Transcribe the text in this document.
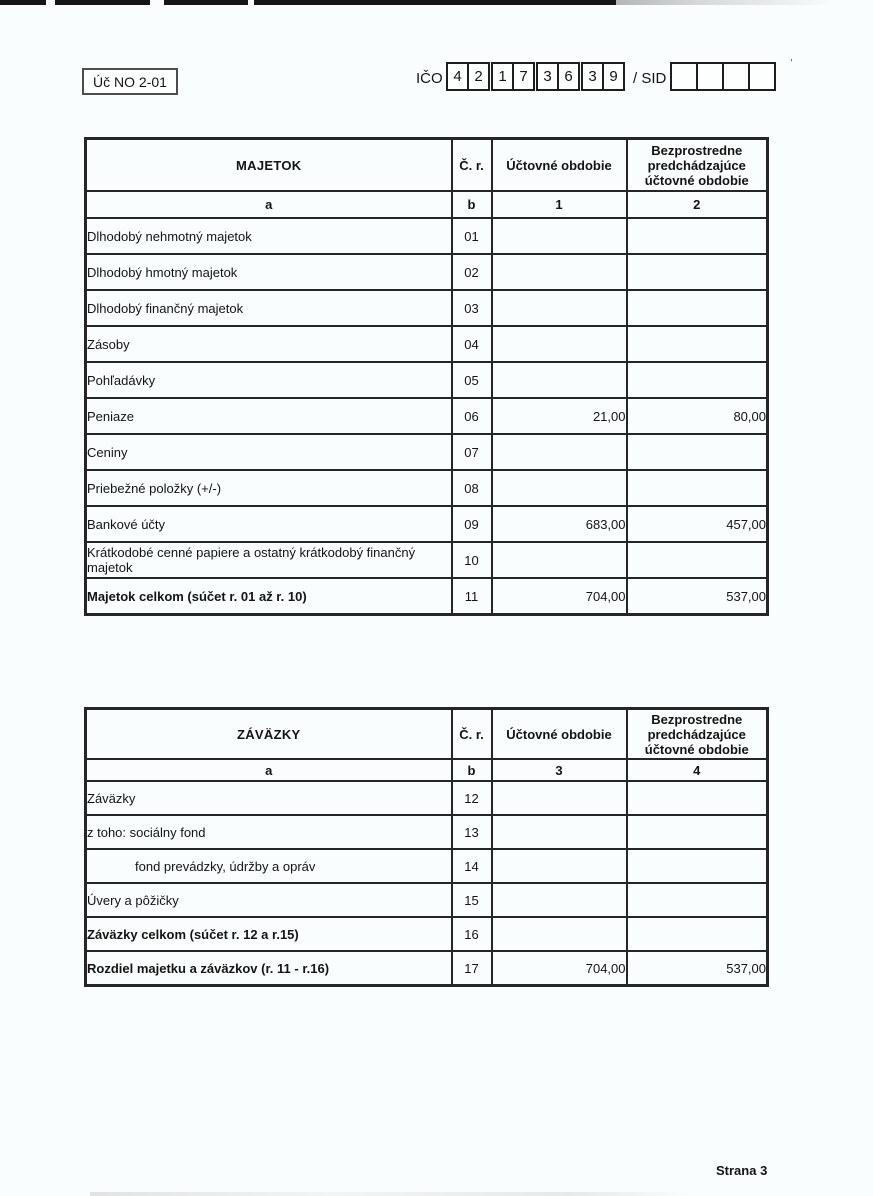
‵
Úč NO 2-01	IČO 4 2	1 7	3 6	3 9	/ SID
MAJETOK	Č. r.	Účtovné obdobie	Bezprostredne predchádzajúce účtovné obdobie
a	b	1	2
Dlhodobý nehmotný majetok	01		
Dlhodobý hmotný majetok	02		
Dlhodobý finančný majetok	03		
Zásoby	04		
Pohľadávky	05		
Peniaze	06	21,00	80,00
Ceniny	07		
Priebežné položky (+/-)	08		
Bankové účty	09	683,00	457,00
Krátkodobé cenné papiere a ostatný krátkodobý finančný majetok	10		
Majetok celkom (súčet r. 01 až r. 10)	11	704,00	537,00
ZÁVÄZKY	Č. r.	Účtovné obdobie	Bezprostredne predchádzajúce účtovné obdobie
a	b	3	4
Záväzky	12		
z toho: sociálny fond	13		
fond prevádzky, údržby a opráv	14		
Úvery a pôžičky	15		
Záväzky celkom (súčet r. 12 a r.15)	16		
Rozdiel majetku a záväzkov (r. 11 - r.16)	17	704,00	537,00
Strana 3
